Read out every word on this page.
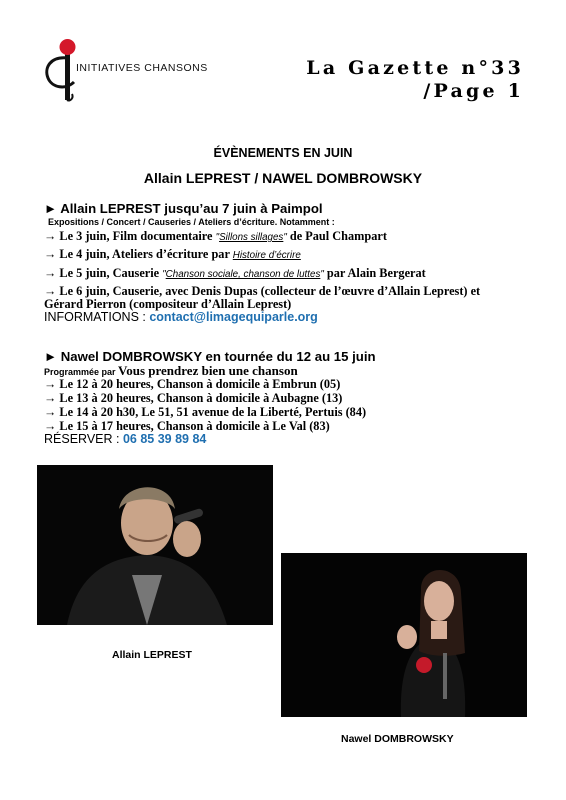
INITIATIVES CHANSONS	La Gazette n°33
/Page 1
ÉVÈNEMENTS EN JUIN
Allain LEPREST / NAWEL DOMBROWSKY
► Allain LEPREST jusqu’au 7 juin à Paimpol
Expositions / Concert / Causeries / Ateliers d’écriture. Notamment :
→ Le 3 juin, Film documentaire "Sillons sillages" de Paul Champart
→ Le 4 juin, Ateliers d’écriture par Histoire d’écrire
→ Le 5 juin, Causerie "Chanson sociale, chanson de luttes" par Alain Bergerat
→ Le 6 juin, Causerie, avec Denis Dupas (collecteur de l’œuvre d’Allain Leprest) et
Gérard Pierron (compositeur d’Allain Leprest)
INFORMATIONS : contact@limagequiparle.org
► Nawel DOMBROWSKY en tournée du 12 au 15 juin
Programmée par Vous prendrez bien une chanson
→ Le 12 à 20 heures, Chanson à domicile à Embrun (05)
→ Le 13 à 20 heures, Chanson à domicile à Aubagne (13)
→ Le 14 à 20 h30, Le 51, 51 avenue de la Liberté, Pertuis (84)
→ Le 15 à 17 heures, Chanson à domicile à Le Val (83)
RÉSERVER : 06 85 39 89 84
Allain LEPREST
Nawel DOMBROWSKY
